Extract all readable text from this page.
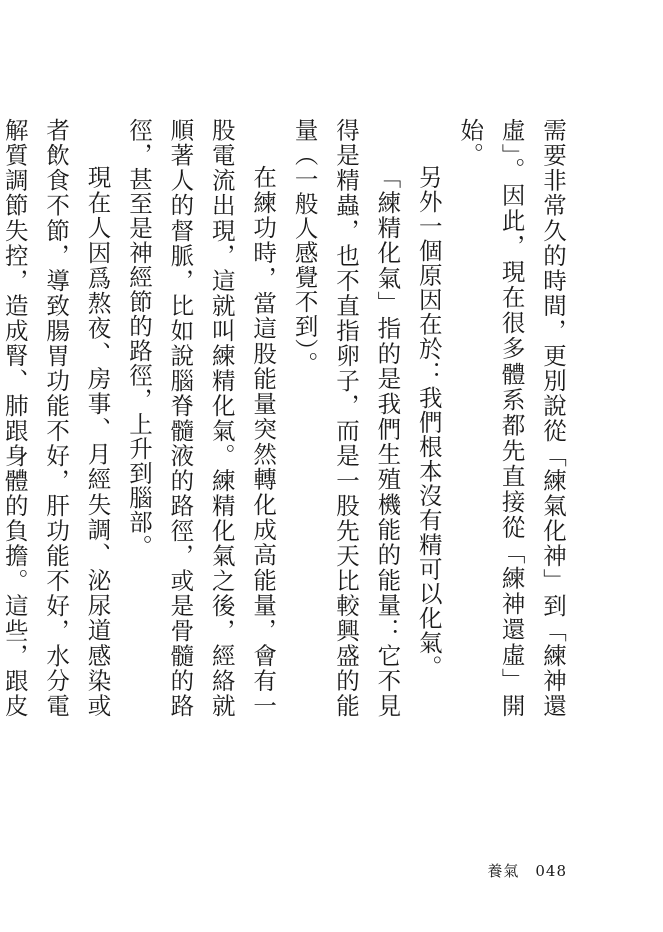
需要非常久的時間，更別說從「練氣化神」到「練神還虛」。因此，現在很多體系都先直接從「練神還虛」開始。

另外一個原因在於：我們根本沒有精可以化氣。

「練精化氣」指的是我們生殖機能的能量：它不見得是精蟲，也不直指卵子，而是一股先天比較興盛的能量（一般人感覺不到）。

在練功時，當這股能量突然轉化成高能量，會有一股電流出現，這就叫練精化氣。練精化氣之後，經絡就順著人的督脈，比如說腦脊髓液的路徑，或是骨髓的路徑，甚至是神經節的路徑，上升到腦部。

現在人因爲熬夜、房事、月經失調、泌尿道感染或者飲食不節，導致腸胃功能不好，肝功能不好，水分電解質調節失控，造成腎、肺跟身體的負擔。這些，跟皮

養氣 048
